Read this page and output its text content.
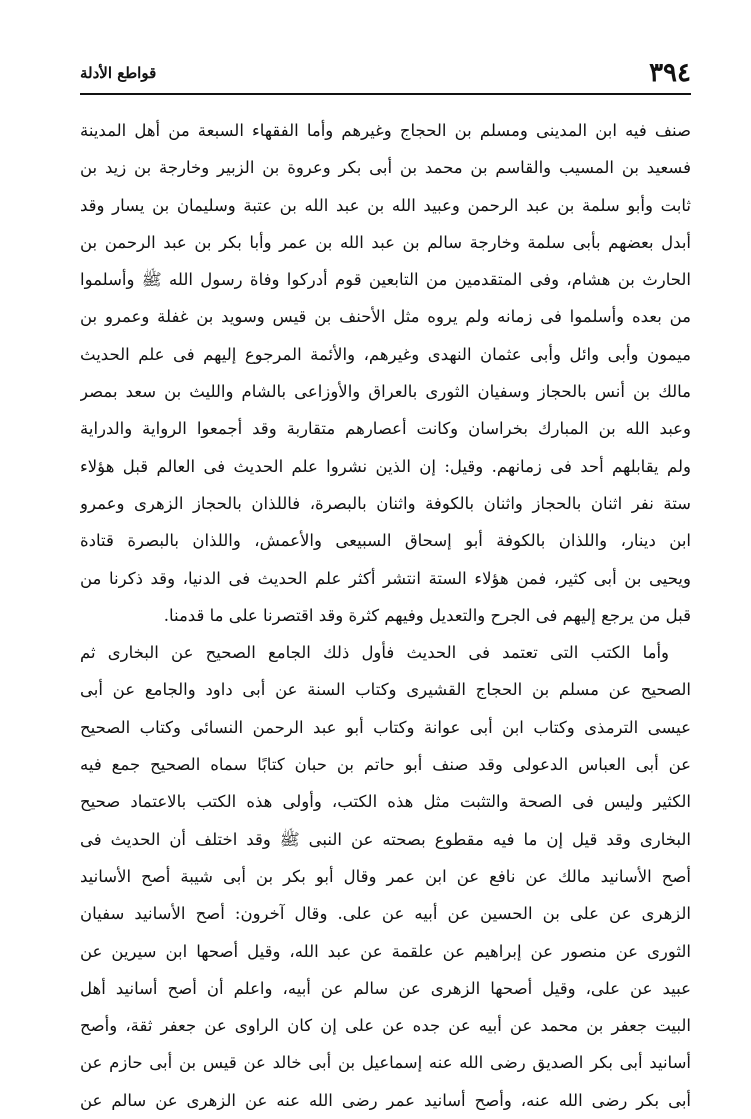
قواطع الأدلة	٣٩٤
صنف فيه ابن المدينى ومسلم بن الحجاج وغيرهم وأما الفقهاء السبعة من أهل المدينة
فسعيد بن المسيب والقاسم بن محمد بن أبى بكر وعروة بن الزبير وخارجة بن زيد بن
ثابت وأبو سلمة بن عبد الرحمن وعبيد الله بن عبد الله بن عتبة وسليمان بن يسار وقد
أبدل بعضهم بأبى سلمة وخارجة سالم بن عبد الله بن عمر وأبا بكر بن عبد الرحمن بن
الحارث بن هشام، وفى المتقدمين من التابعين قوم أدركوا وفاة رسول الله ﷺ وأسلموا
من بعده وأسلموا فى زمانه ولم يروه مثل الأحنف بن قيس وسويد بن غفلة وعمرو بن
ميمون وأبى وائل وأبى عثمان النهدى وغيرهم، والأئمة المرجوع إليهم فى علم الحديث
مالك بن أنس بالحجاز وسفيان الثورى بالعراق والأوزاعى بالشام والليث بن سعد بمصر
وعبد الله بن المبارك بخراسان وكانت أعصارهم متقاربة وقد أجمعوا الرواية والدراية
ولم يقابلهم أحد فى زمانهم. وقيل: إن الذين نشروا علم الحديث فى العالم قبل هؤلاء
ستة نفر اثنان بالحجاز واثنان بالكوفة واثنان بالبصرة، فاللذان بالحجاز الزهرى وعمرو
ابن دينار، واللذان بالكوفة أبو إسحاق السبيعى والأعمش، واللذان بالبصرة قتادة
ويحيى بن أبى كثير، فمن هؤلاء الستة انتشر أكثر علم الحديث فى الدنيا، وقد ذكرنا من
قبل من يرجع إليهم فى الجرح والتعديل وفيهم كثرة وقد اقتصرنا على ما قدمنا.
وأما الكتب التى تعتمد فى الحديث فأول ذلك الجامع الصحيح عن البخارى ثم
الصحيح عن مسلم بن الحجاج القشيرى وكتاب السنة عن أبى داود والجامع عن أبى
عيسى الترمذى وكتاب ابن أبى عوانة وكتاب أبو عبد الرحمن النسائى وكتاب الصحيح
عن أبى العباس الدعولى وقد صنف أبو حاتم بن حبان كتابًا سماه الصحيح جمع فيه
الكثير وليس فى الصحة والتثبت مثل هذه الكتب، وأولى هذه الكتب بالاعتماد صحيح
البخارى وقد قيل إن ما فيه مقطوع بصحته عن النبى ﷺ وقد اختلف أن الحديث فى
أصح الأسانيد مالك عن نافع عن ابن عمر وقال أبو بكر بن أبى شيبة أصح الأسانيد
الزهرى عن على بن الحسين عن أبيه عن على. وقال آخرون: أصح الأسانيد سفيان
الثورى عن منصور عن إبراهيم عن علقمة عن عبد الله، وقيل أصحها ابن سيرين عن
عبيد عن على، وقيل أصحها الزهرى عن سالم عن أبيه، واعلم أن أصح أسانيد أهل
البيت جعفر بن محمد عن أبيه عن جده عن على إن كان الراوى عن جعفر ثقة، وأصح
أسانيد أبى بكر الصديق رضى الله عنه إسماعيل بن أبى خالد عن قيس بن أبى حازم عن
أبى بكر رضى الله عنه، وأصح أسانيد عمر رضى الله عنه عن الزهرى عن سالم عن
